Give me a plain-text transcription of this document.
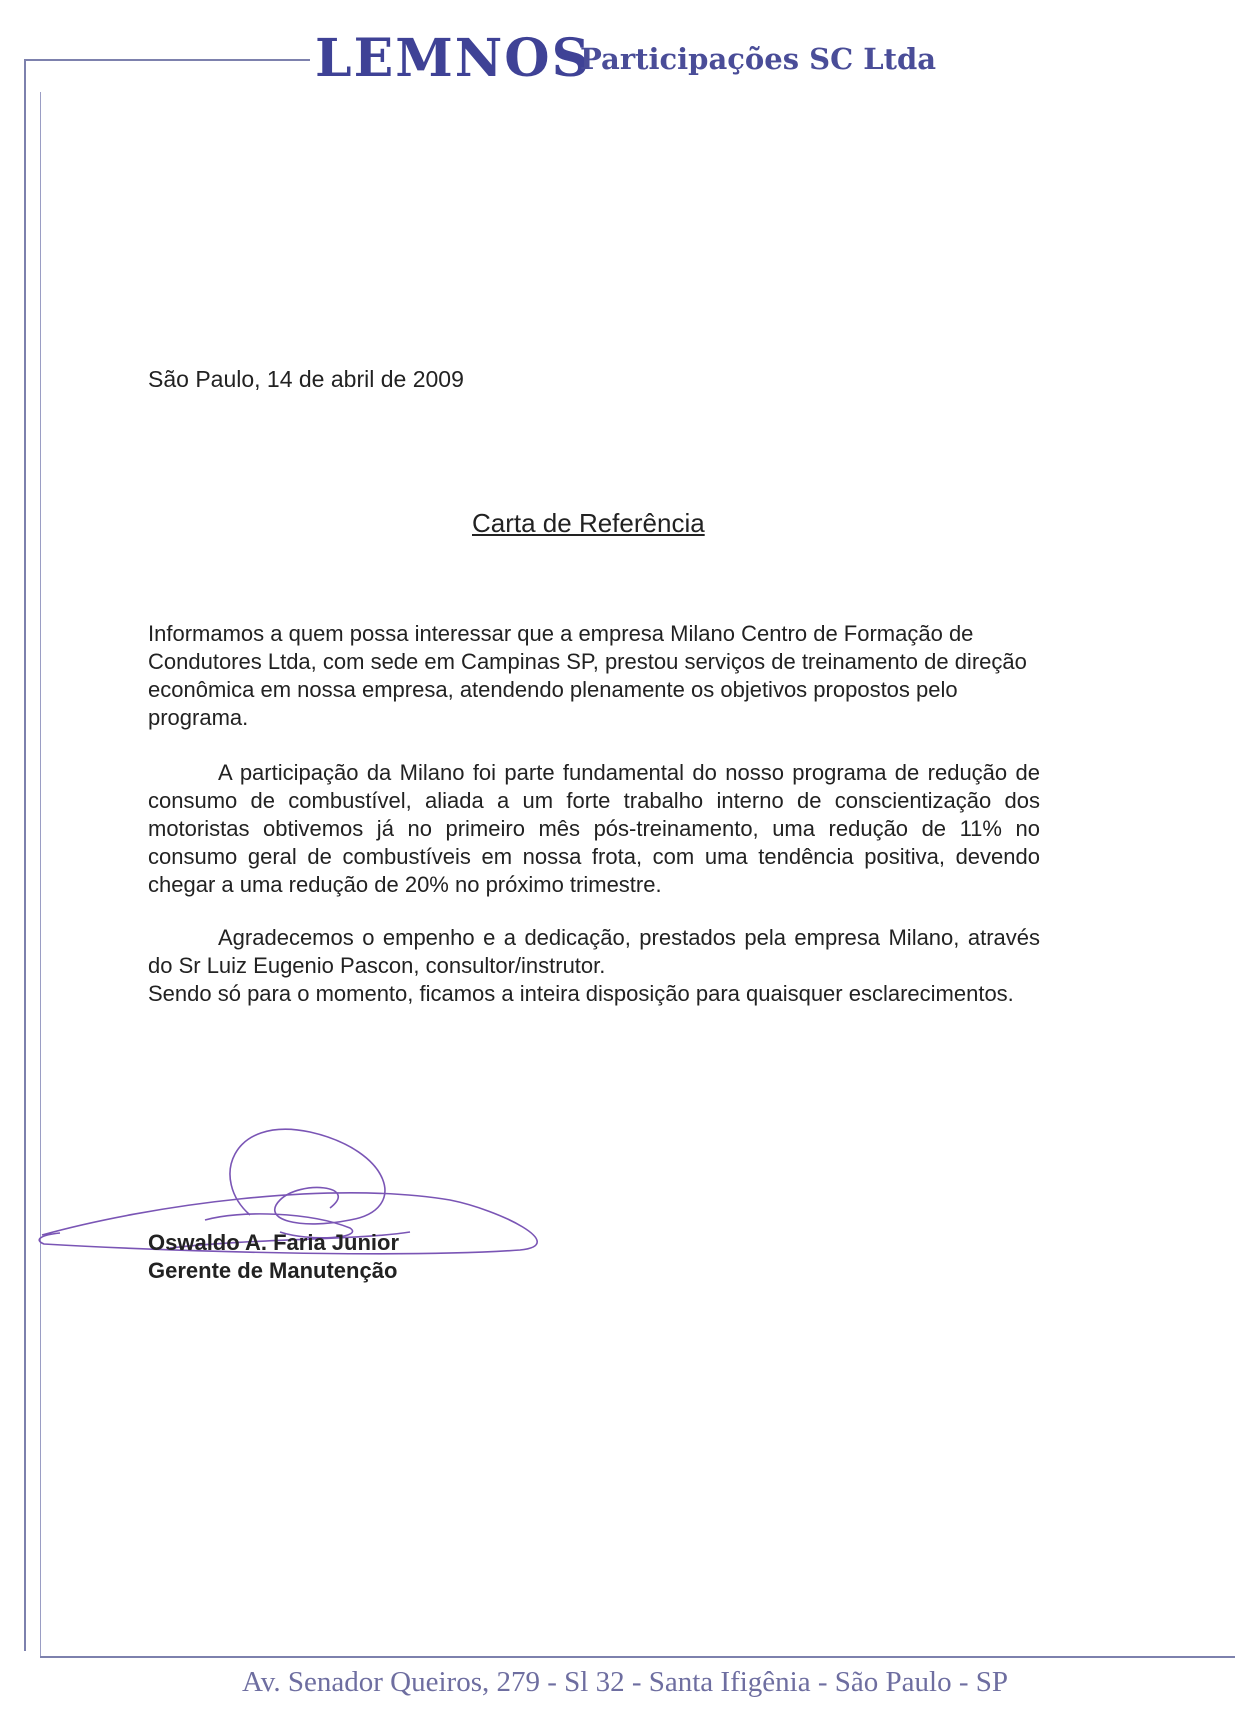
LEMNOS
Participações SC Ltda
São Paulo, 14 de abril de 2009
Carta de Referência

Informamos a quem possa interessar que a empresa Milano Centro de Formação de Condutores Ltda, com sede em Campinas SP, prestou serviços de treinamento de direção econômica em nossa empresa, atendendo plenamente os objetivos propostos pelo programa.

A participação da Milano foi parte fundamental do nosso programa de redução de consumo de combustível, aliada a um forte trabalho interno de conscientização dos motoristas obtivemos já no primeiro mês pós-treinamento, uma redução de 11% no consumo geral de combustíveis em nossa frota, com uma tendência positiva, devendo chegar a uma redução de 20% no próximo trimestre.

Agradecemos o empenho e a dedicação, prestados pela empresa Milano, através do Sr Luiz Eugenio Pascon, consultor/instrutor.

Sendo só para o momento, ficamos a inteira disposição para quaisquer esclarecimentos.

Oswaldo A. Faria Junior
Gerente de Manutenção
Av. Senador Queiros, 279 - Sl 32 - Santa Ifigênia - São Paulo - SP
